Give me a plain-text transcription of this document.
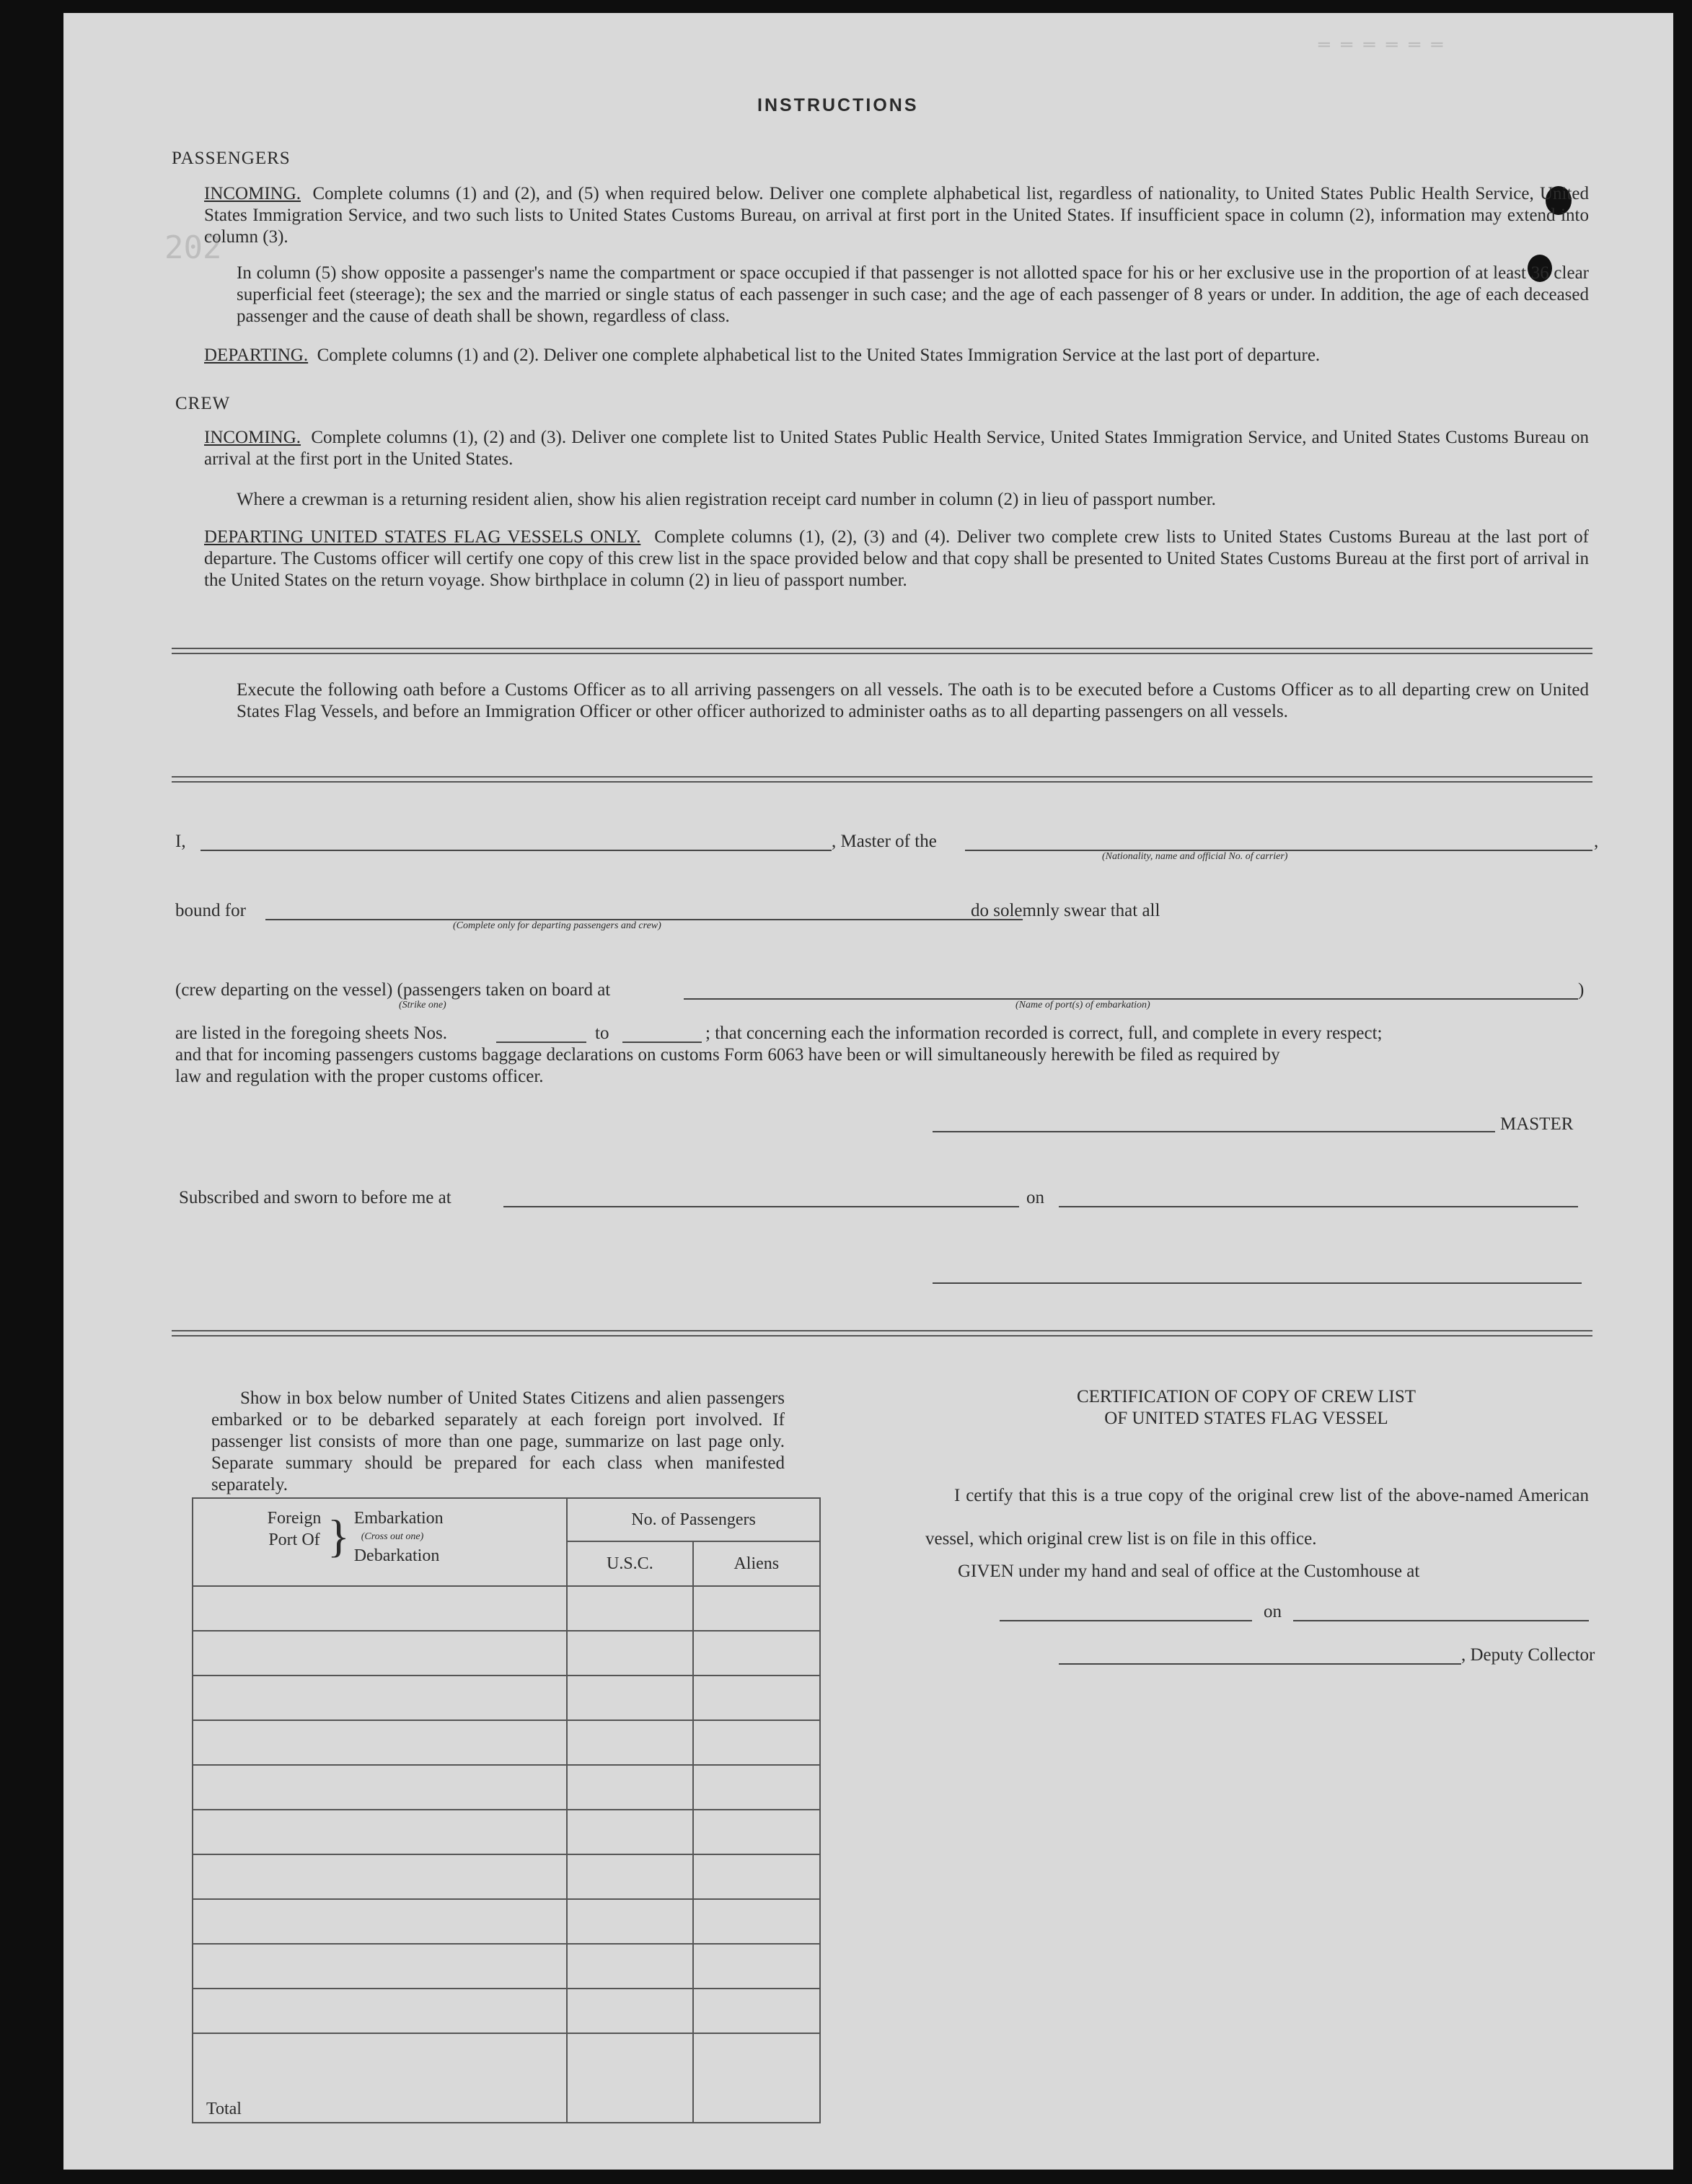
═ ═ ═ ═ ═ ═
202
INSTRUCTIONS
PASSENGERS
INCOMING. Complete columns (1) and (2), and (5) when required below. Deliver one complete alphabetical list, regardless of nationality, to United States Public Health Service, United States Immigration Service, and two such lists to United States Customs Bureau, on arrival at first port in the United States. If insufficient space in column (2), information may extend into column (3).
In column (5) show opposite a passenger's name the compartment or space occupied if that passenger is not allotted space for his or her exclusive use in the proportion of at least 36 clear superficial feet (steerage); the sex and the married or single status of each passenger in such case; and the age of each passenger of 8 years or under. In addition, the age of each deceased passenger and the cause of death shall be shown, regardless of class.
DEPARTING. Complete columns (1) and (2). Deliver one complete alphabetical list to the United States Immigration Service at the last port of departure.
CREW
INCOMING. Complete columns (1), (2) and (3). Deliver one complete list to United States Public Health Service, United States Immigration Service, and United States Customs Bureau on arrival at the first port in the United States.
Where a crewman is a returning resident alien, show his alien registration receipt card number in column (2) in lieu of passport number.
DEPARTING UNITED STATES FLAG VESSELS ONLY. Complete columns (1), (2), (3) and (4). Deliver two complete crew lists to United States Customs Bureau at the last port of departure. The Customs officer will certify one copy of this crew list in the space provided below and that copy shall be presented to United States Customs Bureau at the first port of arrival in the United States on the return voyage. Show birthplace in column (2) in lieu of passport number.
Execute the following oath before a Customs Officer as to all arriving passengers on all vessels. The oath is to be executed before a Customs Officer as to all departing crew on United States Flag Vessels, and before an Immigration Officer or other officer authorized to administer oaths as to all departing passengers on all vessels.
I,	, Master of the	,
(Nationality, name and official No. of carrier)
bound for
(Complete only for departing passengers and crew)
do solemnly swear that all
(crew departing on the vessel) (passengers taken on board at
(Strike one)	(Name of port(s) of embarkation)
)
are listed in the foregoing sheets Nos.	to	; that concerning each the information recorded is correct, full, and complete in every respect;
and that for incoming passengers customs baggage declarations on customs Form 6063 have been or will simultaneously herewith be filed as required by
law and regulation with the proper customs officer.
MASTER
Subscribed and sworn to before me at	on
Show in box below number of United States Citizens and alien passengers embarked or to be debarked separately at each foreign port involved. If passenger list consists of more than one page, summarize on last page only. Separate summary should be prepared for each class when manifested separately.
Foreign Port Of } Embarkation
(Cross out one)
Debarkation	No. of Passengers	
	U.S.C.	Aliens

Total		
CERTIFICATION OF COPY OF CREW LIST
OF UNITED STATES FLAG VESSEL
I certify that this is a true copy of the original crew list of the above-named American vessel, which original crew list is on file in this office.
GIVEN under my hand and seal of office at the Customhouse at
on
, Deputy Collector
